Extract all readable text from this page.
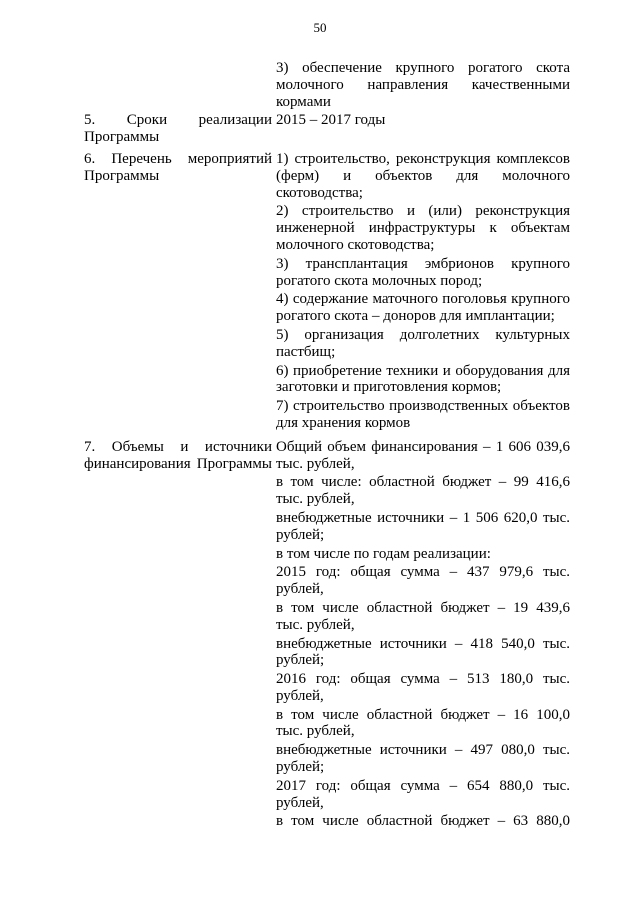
50

3) обеспечение крупного рогатого скота молочного направления качественными кормами

5. Сроки реализации Программы

2015 – 2017 годы

6. Перечень мероприятий Программы

1) строительство, реконструкция комплексов (ферм) и объектов для молочного скотоводства;

2) строительство и (или) реконструкция инженерной инфраструктуры к объектам молочного скотоводства;

3) трансплантация эмбрионов крупного рогатого скота молочных пород;

4) содержание маточного поголовья крупного рогатого скота – доноров для имплантации;

5) организация долголетних культурных пастбищ;

6) приобретение техники и оборудования для заготовки и приготовления кормов;

7) строительство производственных объектов для хранения кормов

7. Объемы и источники финансирования Программы

Общий объем финансирования – 1 606 039,6 тыс. рублей,

в том числе: областной бюджет – 99 416,6 тыс. рублей,

внебюджетные источники – 1 506 620,0 тыс. рублей;

в том числе по годам реализации:

2015 год: общая сумма – 437 979,6 тыс. рублей,

в том числе областной бюджет – 19 439,6 тыс. рублей,

внебюджетные источники – 418 540,0 тыс. рублей;

2016 год: общая сумма – 513 180,0 тыс. рублей,

в том числе областной бюджет – 16 100,0 тыс. рублей,

внебюджетные источники – 497 080,0 тыс. рублей;

2017 год: общая сумма – 654 880,0 тыс. рублей,

в том числе областной бюджет – 63 880,0
